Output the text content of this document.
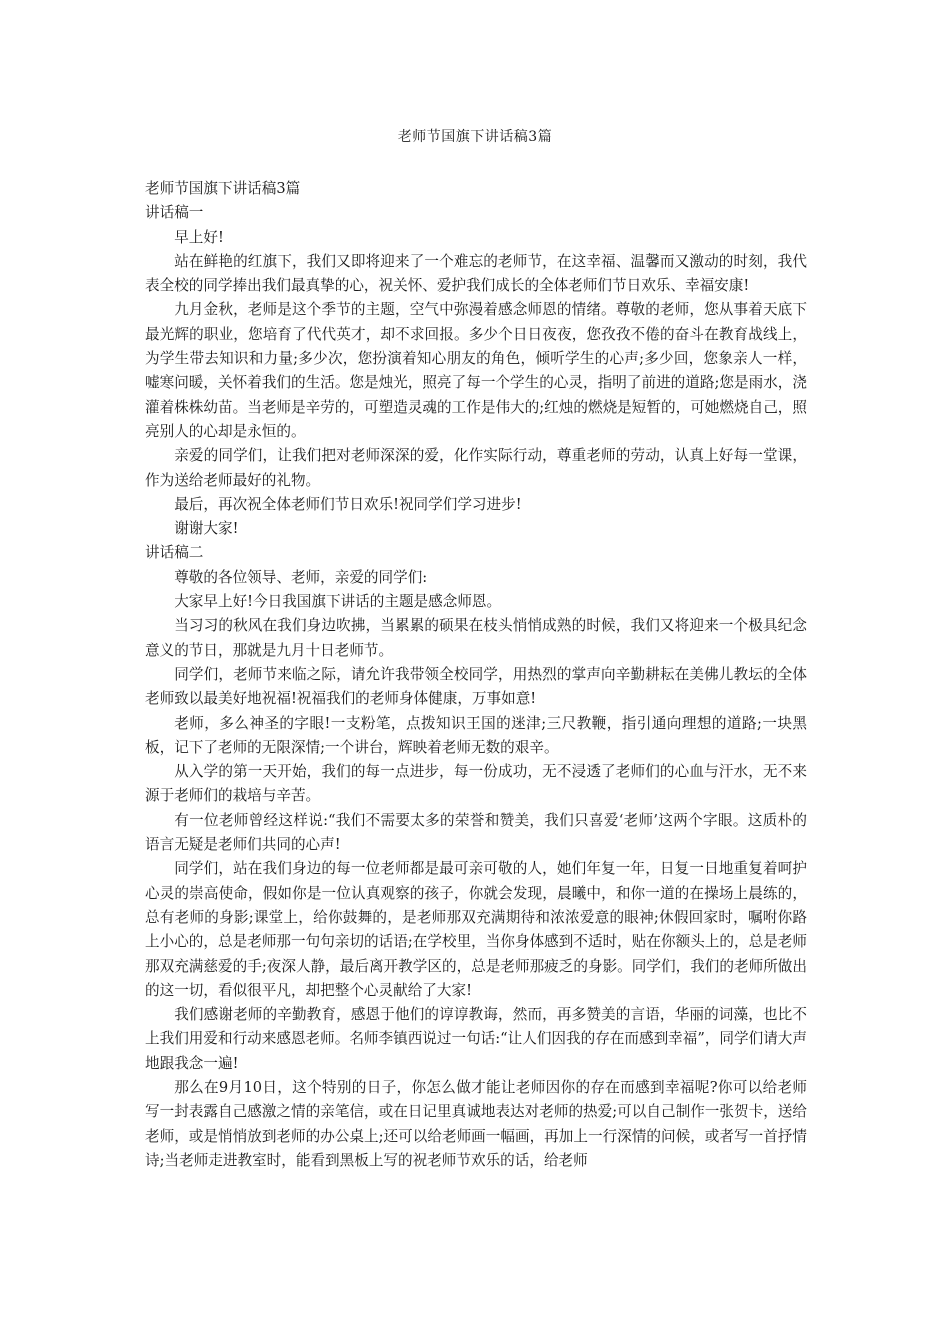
老师节国旗下讲话稿3篇

老师节国旗下讲话稿3篇

讲话稿一

早上好!

站在鲜艳的红旗下，我们又即将迎来了一个难忘的老师节，在这幸福、温馨而又激动的时刻，我代表全校的同学捧出我们最真挚的心，祝关怀、爱护我们成长的全体老师们节日欢乐、幸福安康!

九月金秋，老师是这个季节的主题，空气中弥漫着感念师恩的情绪。尊敬的老师，您从事着天底下最光辉的职业，您培育了代代英才，却不求回报。多少个日日夜夜，您孜孜不倦的奋斗在教育战线上，为学生带去知识和力量;多少次，您扮演着知心朋友的角色，倾听学生的心声;多少回，您象亲人一样，嘘寒问暖，关怀着我们的生活。您是烛光，照亮了每一个学生的心灵，指明了前进的道路;您是雨水，浇灌着株株幼苗。当老师是辛劳的，可塑造灵魂的工作是伟大的;红烛的燃烧是短暂的，可她燃烧自己，照亮别人的心却是永恒的。

亲爱的同学们，让我们把对老师深深的爱，化作实际行动，尊重老师的劳动，认真上好每一堂课，作为送给老师最好的礼物。

最后，再次祝全体老师们节日欢乐!祝同学们学习进步!

谢谢大家!

讲话稿二

尊敬的各位领导、老师，亲爱的同学们:

大家早上好!今日我国旗下讲话的主题是感念师恩。

当习习的秋风在我们身边吹拂，当累累的硕果在枝头悄悄成熟的时候，我们又将迎来一个极具纪念意义的节日，那就是九月十日老师节。

同学们，老师节来临之际，请允许我带领全校同学，用热烈的掌声向辛勤耕耘在美佛儿教坛的全体老师致以最美好地祝福!祝福我们的老师身体健康，万事如意!

老师，多么神圣的字眼!一支粉笔，点拨知识王国的迷津;三尺教鞭，指引通向理想的道路;一块黑板，记下了老师的无限深情;一个讲台，辉映着老师无数的艰辛。

从入学的第一天开始，我们的每一点进步，每一份成功，无不浸透了老师们的心血与汗水，无不来源于老师们的栽培与辛苦。

有一位老师曾经这样说:“我们不需要太多的荣誉和赞美，我们只喜爱‘老师’这两个字眼。这质朴的语言无疑是老师们共同的心声!

同学们，站在我们身边的每一位老师都是最可亲可敬的人，她们年复一年，日复一日地重复着呵护心灵的崇高使命，假如你是一位认真观察的孩子，你就会发现，晨曦中，和你一道的在操场上晨练的，总有老师的身影;课堂上，给你鼓舞的，是老师那双充满期待和浓浓爱意的眼神;休假回家时，嘱咐你路上小心的，总是老师那一句句亲切的话语;在学校里，当你身体感到不适时，贴在你额头上的，总是老师那双充满慈爱的手;夜深人静，最后离开教学区的，总是老师那疲乏的身影。同学们，我们的老师所做出的这一切，看似很平凡，却把整个心灵献给了大家!

我们感谢老师的辛勤教育，感恩于他们的谆谆教诲，然而，再多赞美的言语，华丽的词藻，也比不上我们用爱和行动来感恩老师。名师李镇西说过一句话:“让人们因我的存在而感到幸福”，同学们请大声地跟我念一遍!

那么在9月10日，这个特别的日子，你怎么做才能让老师因你的存在而感到幸福呢?你可以给老师写一封表露自己感激之情的亲笔信，或在日记里真诚地表达对老师的热爱;可以自己制作一张贺卡，送给老师，或是悄悄放到老师的办公桌上;还可以给老师画一幅画，再加上一行深情的问候，或者写一首抒情诗;当老师走进教室时，能看到黑板上写的祝老师节欢乐的话，给老师
